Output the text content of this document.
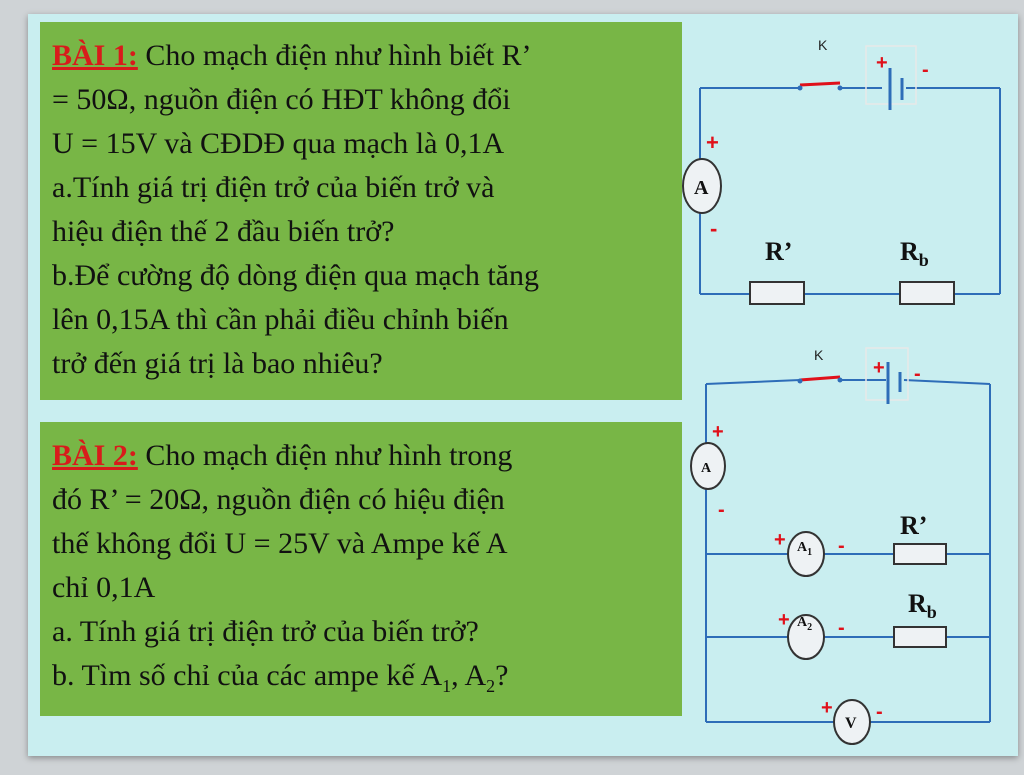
BÀI 1: Cho mạch điện như hình biết R’
= 50Ω, nguồn điện có HĐT không đổi
U = 15V và CĐDĐ qua mạch là 0,1A
a.Tính giá trị điện trở của biến trở và
hiệu điện thế 2 đầu biến trở?
b.Để cường độ dòng điện qua mạch tăng
lên 0,15A thì cần phải điều chỉnh biến
trở đến giá trị là bao nhiêu?
BÀI 2: Cho mạch điện như hình trong
đó R’ = 20Ω, nguồn điện có hiệu điện
thế không đổi U = 25V và Ampe kế A
chỉ 0,1A
a. Tính giá trị điện trở của biến trở?
b. Tìm số chỉ của các ampe kế $A_1$, $A_2$?
K
+ -
A
+
-
R’	$R_b$
K
+ -
A
+
-
$A_1$
+	-
$A_2$
+ -
R’
$R_b$
V
+ -
